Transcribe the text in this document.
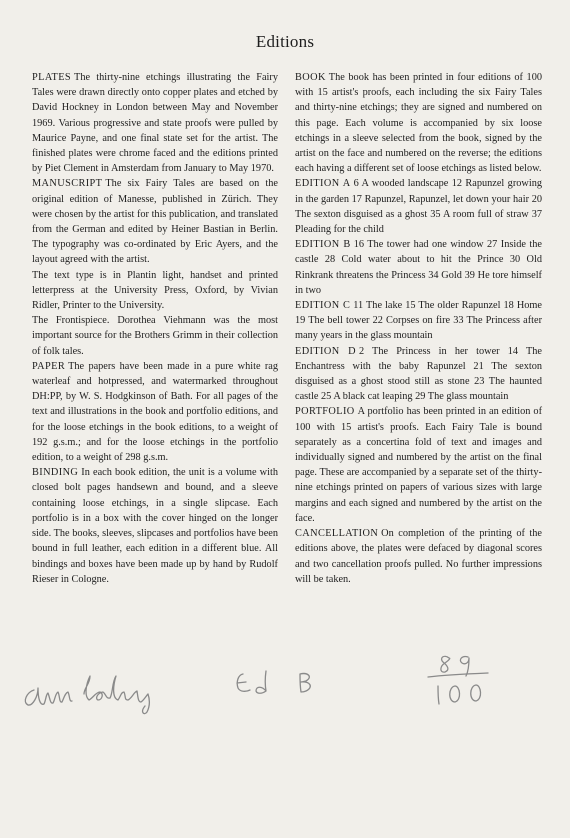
Editions

PLATES The thirty-nine etchings illustrating the Fairy Tales were drawn directly onto copper plates and etched by David Hockney in London between May and November 1969. Various progressive and state proofs were pulled by Maurice Payne, and one final state set for the artist. The finished plates were chrome faced and the editions printed by Piet Clement in Amsterdam from January to May 1970.

MANUSCRIPT The six Fairy Tales are based on the original edition of Manesse, published in Zürich. They were chosen by the artist for this publication, and translated from the German and edited by Heiner Bastian in Berlin. The typography was co-ordinated by Eric Ayers, and the layout agreed with the artist.

The text type is in Plantin light, handset and printed letterpress at the University Press, Oxford, by Vivian Ridler, Printer to the University.

The Frontispiece. Dorothea Viehmann was the most important source for the Brothers Grimm in their collection of folk tales.

PAPER The papers have been made in a pure white rag waterleaf and hotpressed, and watermarked throughout DH:PP, by W. S. Hodgkinson of Bath. For all pages of the text and illustrations in the book and portfolio editions, and for the loose etchings in the book editions, to a weight of 192 g.s.m.; and for the loose etchings in the portfolio edition, to a weight of 298 g.s.m.

BINDING In each book edition, the unit is a volume with closed bolt pages handsewn and bound, and a sleeve containing loose etchings, in a single slipcase. Each portfolio is in a box with the cover hinged on the longer side. The books, sleeves, slipcases and portfolios have been bound in full leather, each edition in a different blue. All bindings and boxes have been made up by hand by Rudolf Rieser in Cologne.

BOOK The book has been printed in four editions of 100 with 15 artist's proofs, each including the six Fairy Tales and thirty-nine etchings; they are signed and numbered on this page. Each volume is accompanied by six loose etchings in a sleeve selected from the book, signed by the artist on the face and numbered on the reverse; the editions each having a different set of loose etchings as listed below.

EDITION A 6 A wooded landscape 12 Rapunzel growing in the garden 17 Rapunzel, Rapunzel, let down your hair 20 The sexton disguised as a ghost 35 A room full of straw 37 Pleading for the child

EDITION B 16 The tower had one window 27 Inside the castle 28 Cold water about to hit the Prince 30 Old Rinkrank threatens the Princess 34 Gold 39 He tore himself in two

EDITION C 11 The lake 15 The older Rapunzel 18 Home 19 The bell tower 22 Corpses on fire 33 The Princess after many years in the glass mountain

EDITION D 2 The Princess in her tower 14 The Enchantress with the baby Rapunzel 21 The sexton disguised as a ghost stood still as stone 23 The haunted castle 25 A black cat leaping 29 The glass mountain

PORTFOLIO A portfolio has been printed in an edition of 100 with 15 artist's proofs. Each Fairy Tale is bound separately as a concertina fold of text and images and individually signed and numbered by the artist on the final page. These are accompanied by a separate set of the thirty-nine etchings printed on papers of various sizes with large margins and each signed and numbered by the artist on the face.

CANCELLATION On completion of the printing of the editions above, the plates were defaced by diagonal scores and two cancellation proofs pulled. No further impressions will be taken.
